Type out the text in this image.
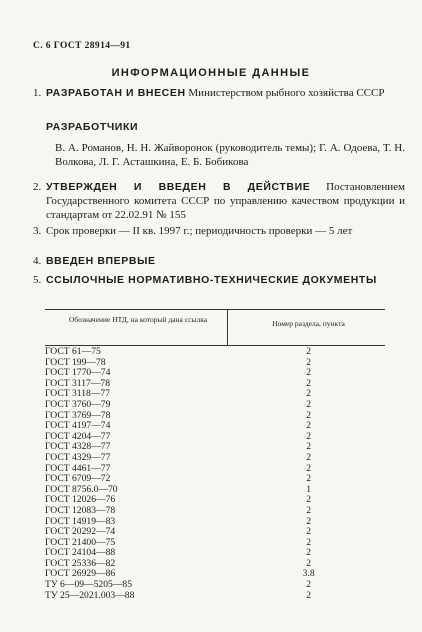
С. 6 ГОСТ 28914—91
ИНФОРМАЦИОННЫЕ ДАННЫЕ
1. РАЗРАБОТАН И ВНЕСЕН Министерством рыбного хозяйства СССР
РАЗРАБОТЧИКИ
В. А. Романов, Н. Н. Жайворонок (руководитель темы); Г. А. Одоева, Т. Н. Волкова, Л. Г. Асташкина, Е. Б. Бобикова
2. УТВЕРЖДЕН И ВВЕДЕН В ДЕЙСТВИЕ Постановлением Государственного комитета СССР по управлению качеством продукции и стандартам от 22.02.91 № 155
3. Срок проверки — II кв. 1997 г.; периодичность проверки — 5 лет
4. ВВЕДЕН ВПЕРВЫЕ
5. ССЫЛОЧНЫЕ НОРМАТИВНО-ТЕХНИЧЕСКИЕ ДОКУМЕНТЫ
Обозначение НТД, на который дана ссылка	Номер раздела, пункта
ГОСТ 61—75	2
ГОСТ 199—78	2
ГОСТ 1770—74	2
ГОСТ 3117—78	2
ГОСТ 3118—77	2
ГОСТ 3760—79	2
ГОСТ 3769—78	2
ГОСТ 4197—74	2
ГОСТ 4204—77	2
ГОСТ 4328—77	2
ГОСТ 4329—77	2
ГОСТ 4461—77	2
ГОСТ 6709—72	2
ГОСТ 8756.0—70	1
ГОСТ 12026—76	2
ГОСТ 12083—78	2
ГОСТ 14919—83	2
ГОСТ 20292—74	2
ГОСТ 21400—75	2
ГОСТ 24104—88	2
ГОСТ 25336—82	2
ГОСТ 26929—86	3.8
ТУ 6—09—5205—85	2
ТУ 25—2021.003—88	2
